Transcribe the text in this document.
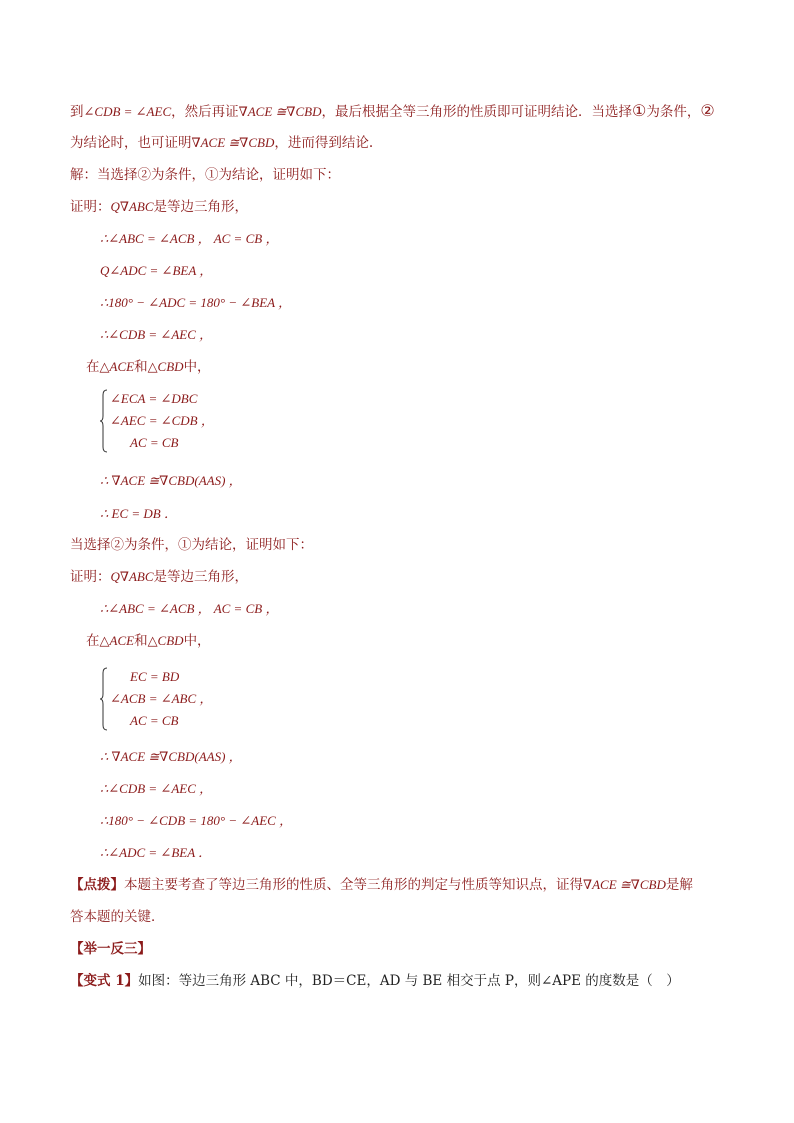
到∠CDB = ∠AEC，然后再证∇ACE ≅∇CBD，最后根据全等三角形的性质即可证明结论．当选择①为条件，②
为结论时，也可证明∇ACE ≅∇CBD，进而得到结论.
解：当选择②为条件，①为结论，证明如下：
证明：Q∇ABC是等边三角形，
∴∠ABC = ∠ACB ， AC = CB ，
Q∠ADC = ∠BEA ，
∴180° − ∠ADC = 180° − ∠BEA ，
∴∠CDB = ∠AEC ，
在△ACE和△CBD中，
∠ECA = ∠DBC
∠AEC = ∠CDB ，
AC = CB
∴ ∇ACE ≅∇CBD(AAS) ，
∴ EC = DB ．
当选择②为条件，①为结论，证明如下：
证明：Q∇ABC是等边三角形，
∴∠ABC = ∠ACB ， AC = CB ，
在△ACE和△CBD中，
EC = BD
∠ACB = ∠ABC ，
AC = CB
∴ ∇ACE ≅∇CBD(AAS) ，
∴∠CDB = ∠AEC ，
∴180° − ∠CDB = 180° − ∠AEC ，
∴∠ADC = ∠BEA ．
【点拨】本题主要考查了等边三角形的性质、全等三角形的判定与性质等知识点，证得∇ACE ≅∇CBD是解
答本题的关键．
【举一反三】
【变式 1】如图：等边三角形 ABC 中，BD＝CE，AD 与 BE 相交于点 P，则∠APE 的度数是（　）
